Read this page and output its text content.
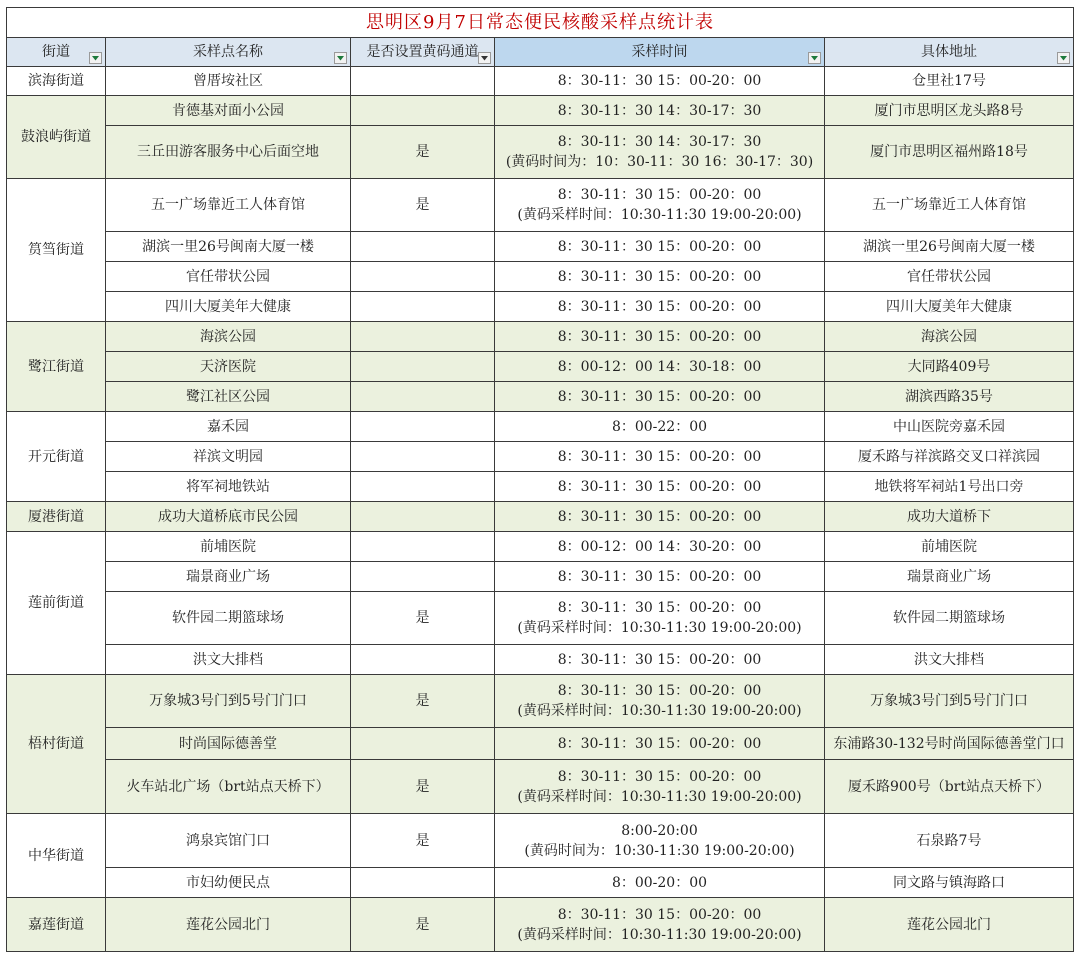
思明区9月7日常态便民核酸采样点统计表				
街道	采样点名称	是否设置黄码通道	采样时间	具体地址

滨海街道	曾厝垵社区		8：30-11：30 15：00-20：00	仓里社17号
鼓浪屿街道	肯德基对面小公园		8：30-11：30 14：30-17：30	厦门市思明区龙头路8号
	三丘田游客服务中心后面空地	是	8：30-11：30 14：30-17：30
(黄码时间为：10：30-11：30 16：30-17：30)	厦门市思明区福州路18号
筼筜街道	五一广场靠近工人体育馆	是	8：30-11：30 15：00-20：00
(黄码采样时间：10:30-11:30 19:00-20:00)	五一广场靠近工人体育馆
	湖滨一里26号闽南大厦一楼		8：30-11：30 15：00-20：00	湖滨一里26号闽南大厦一楼
	官任带状公园		8：30-11：30 15：00-20：00	官任带状公园
	四川大厦美年大健康		8：30-11：30 15：00-20：00	四川大厦美年大健康
鹭江街道	海滨公园		8：30-11：30 15：00-20：00	海滨公园
	天济医院		8：00-12：00 14：30-18：00	大同路409号
	鹭江社区公园		8：30-11：30 15：00-20：00	湖滨西路35号
开元街道	嘉禾园		8：00-22：00	中山医院旁嘉禾园
	祥滨文明园		8：30-11：30 15：00-20：00	厦禾路与祥滨路交叉口祥滨园
	将军祠地铁站		8：30-11：30 15：00-20：00	地铁将军祠站1号出口旁
厦港街道	成功大道桥底市民公园		8：30-11：30 15：00-20：00	成功大道桥下
莲前街道	前埔医院		8：00-12：00 14：30-20：00	前埔医院
	瑞景商业广场		8：30-11：30 15：00-20：00	瑞景商业广场
	软件园二期篮球场	是	8：30-11：30 15：00-20：00
(黄码采样时间：10:30-11:30 19:00-20:00)	软件园二期篮球场
	洪文大排档		8：30-11：30 15：00-20：00	洪文大排档
梧村街道	万象城3号门到5号门门口	是	8：30-11：30 15：00-20：00
(黄码采样时间：10:30-11:30 19:00-20:00)	万象城3号门到5号门门口
	时尚国际德善堂		8：30-11：30 15：00-20：00	东浦路30-132号时尚国际德善堂门口
	火车站北广场（brt站点天桥下）	是	8：30-11：30 15：00-20：00
(黄码采样时间：10:30-11:30 19:00-20:00)	厦禾路900号（brt站点天桥下）
中华街道	鸿泉宾馆门口	是	8:00-20:00
(黄码时间为：10:30-11:30 19:00-20:00)	石泉路7号
	市妇幼便民点		8：00-20：00	同文路与镇海路口
嘉莲街道	莲花公园北门	是	8：30-11：30 15：00-20：00
(黄码采样时间：10:30-11:30 19:00-20:00)	莲花公园北门
